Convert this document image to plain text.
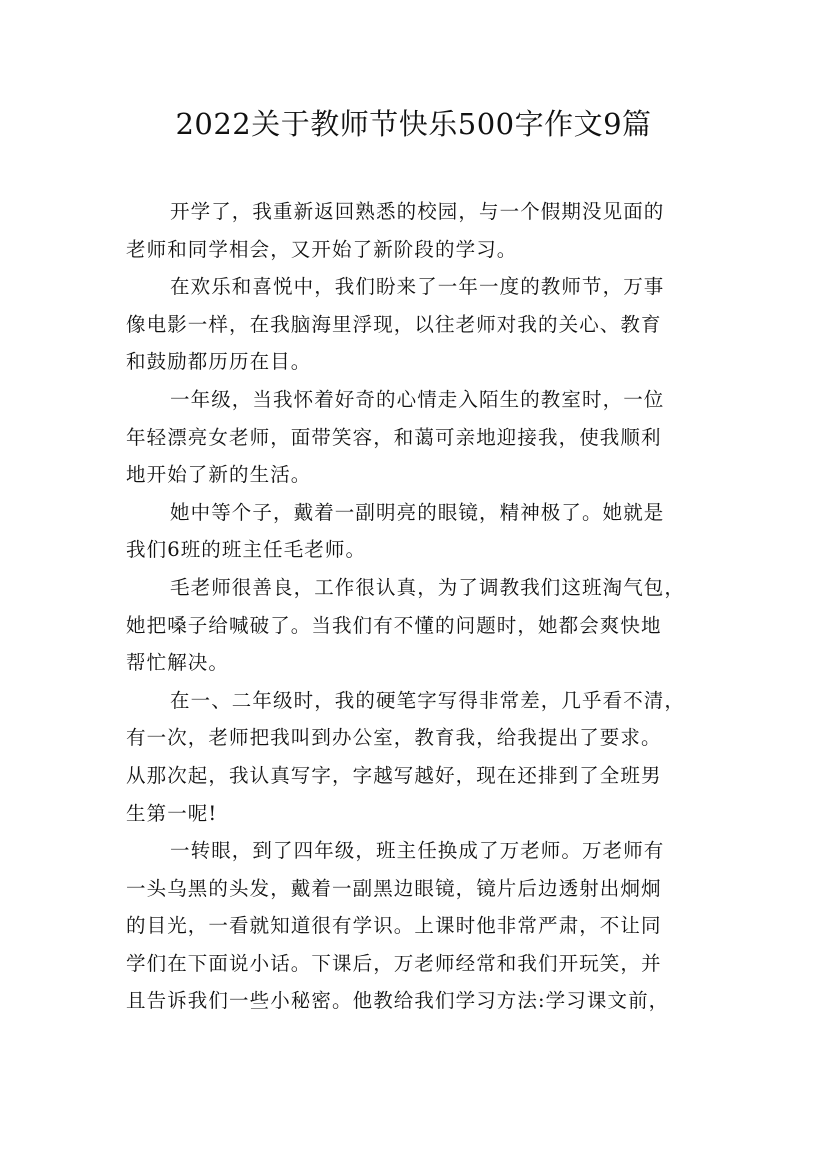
2022关于教师节快乐500字作文9篇
开学了，我重新返回熟悉的校园，与一个假期没见面的
老师和同学相会，又开始了新阶段的学习。
在欢乐和喜悦中，我们盼来了一年一度的教师节，万事
像电影一样，在我脑海里浮现，以往老师对我的关心、教育
和鼓励都历历在目。
一年级，当我怀着好奇的心情走入陌生的教室时，一位
年轻漂亮女老师，面带笑容，和蔼可亲地迎接我，使我顺利
地开始了新的生活。
她中等个子，戴着一副明亮的眼镜，精神极了。她就是
我们6班的班主任毛老师。
毛老师很善良，工作很认真，为了调教我们这班淘气包，
她把嗓子给喊破了。当我们有不懂的问题时，她都会爽快地
帮忙解决。
在一、二年级时，我的硬笔字写得非常差，几乎看不清，
有一次，老师把我叫到办公室，教育我，给我提出了要求。
从那次起，我认真写字，字越写越好，现在还排到了全班男
生第一呢!
一转眼，到了四年级，班主任换成了万老师。万老师有
一头乌黑的头发，戴着一副黑边眼镜，镜片后边透射出炯炯
的目光，一看就知道很有学识。上课时他非常严肃，不让同
学们在下面说小话。下课后，万老师经常和我们开玩笑，并
且告诉我们一些小秘密。他教给我们学习方法:学习课文前，
